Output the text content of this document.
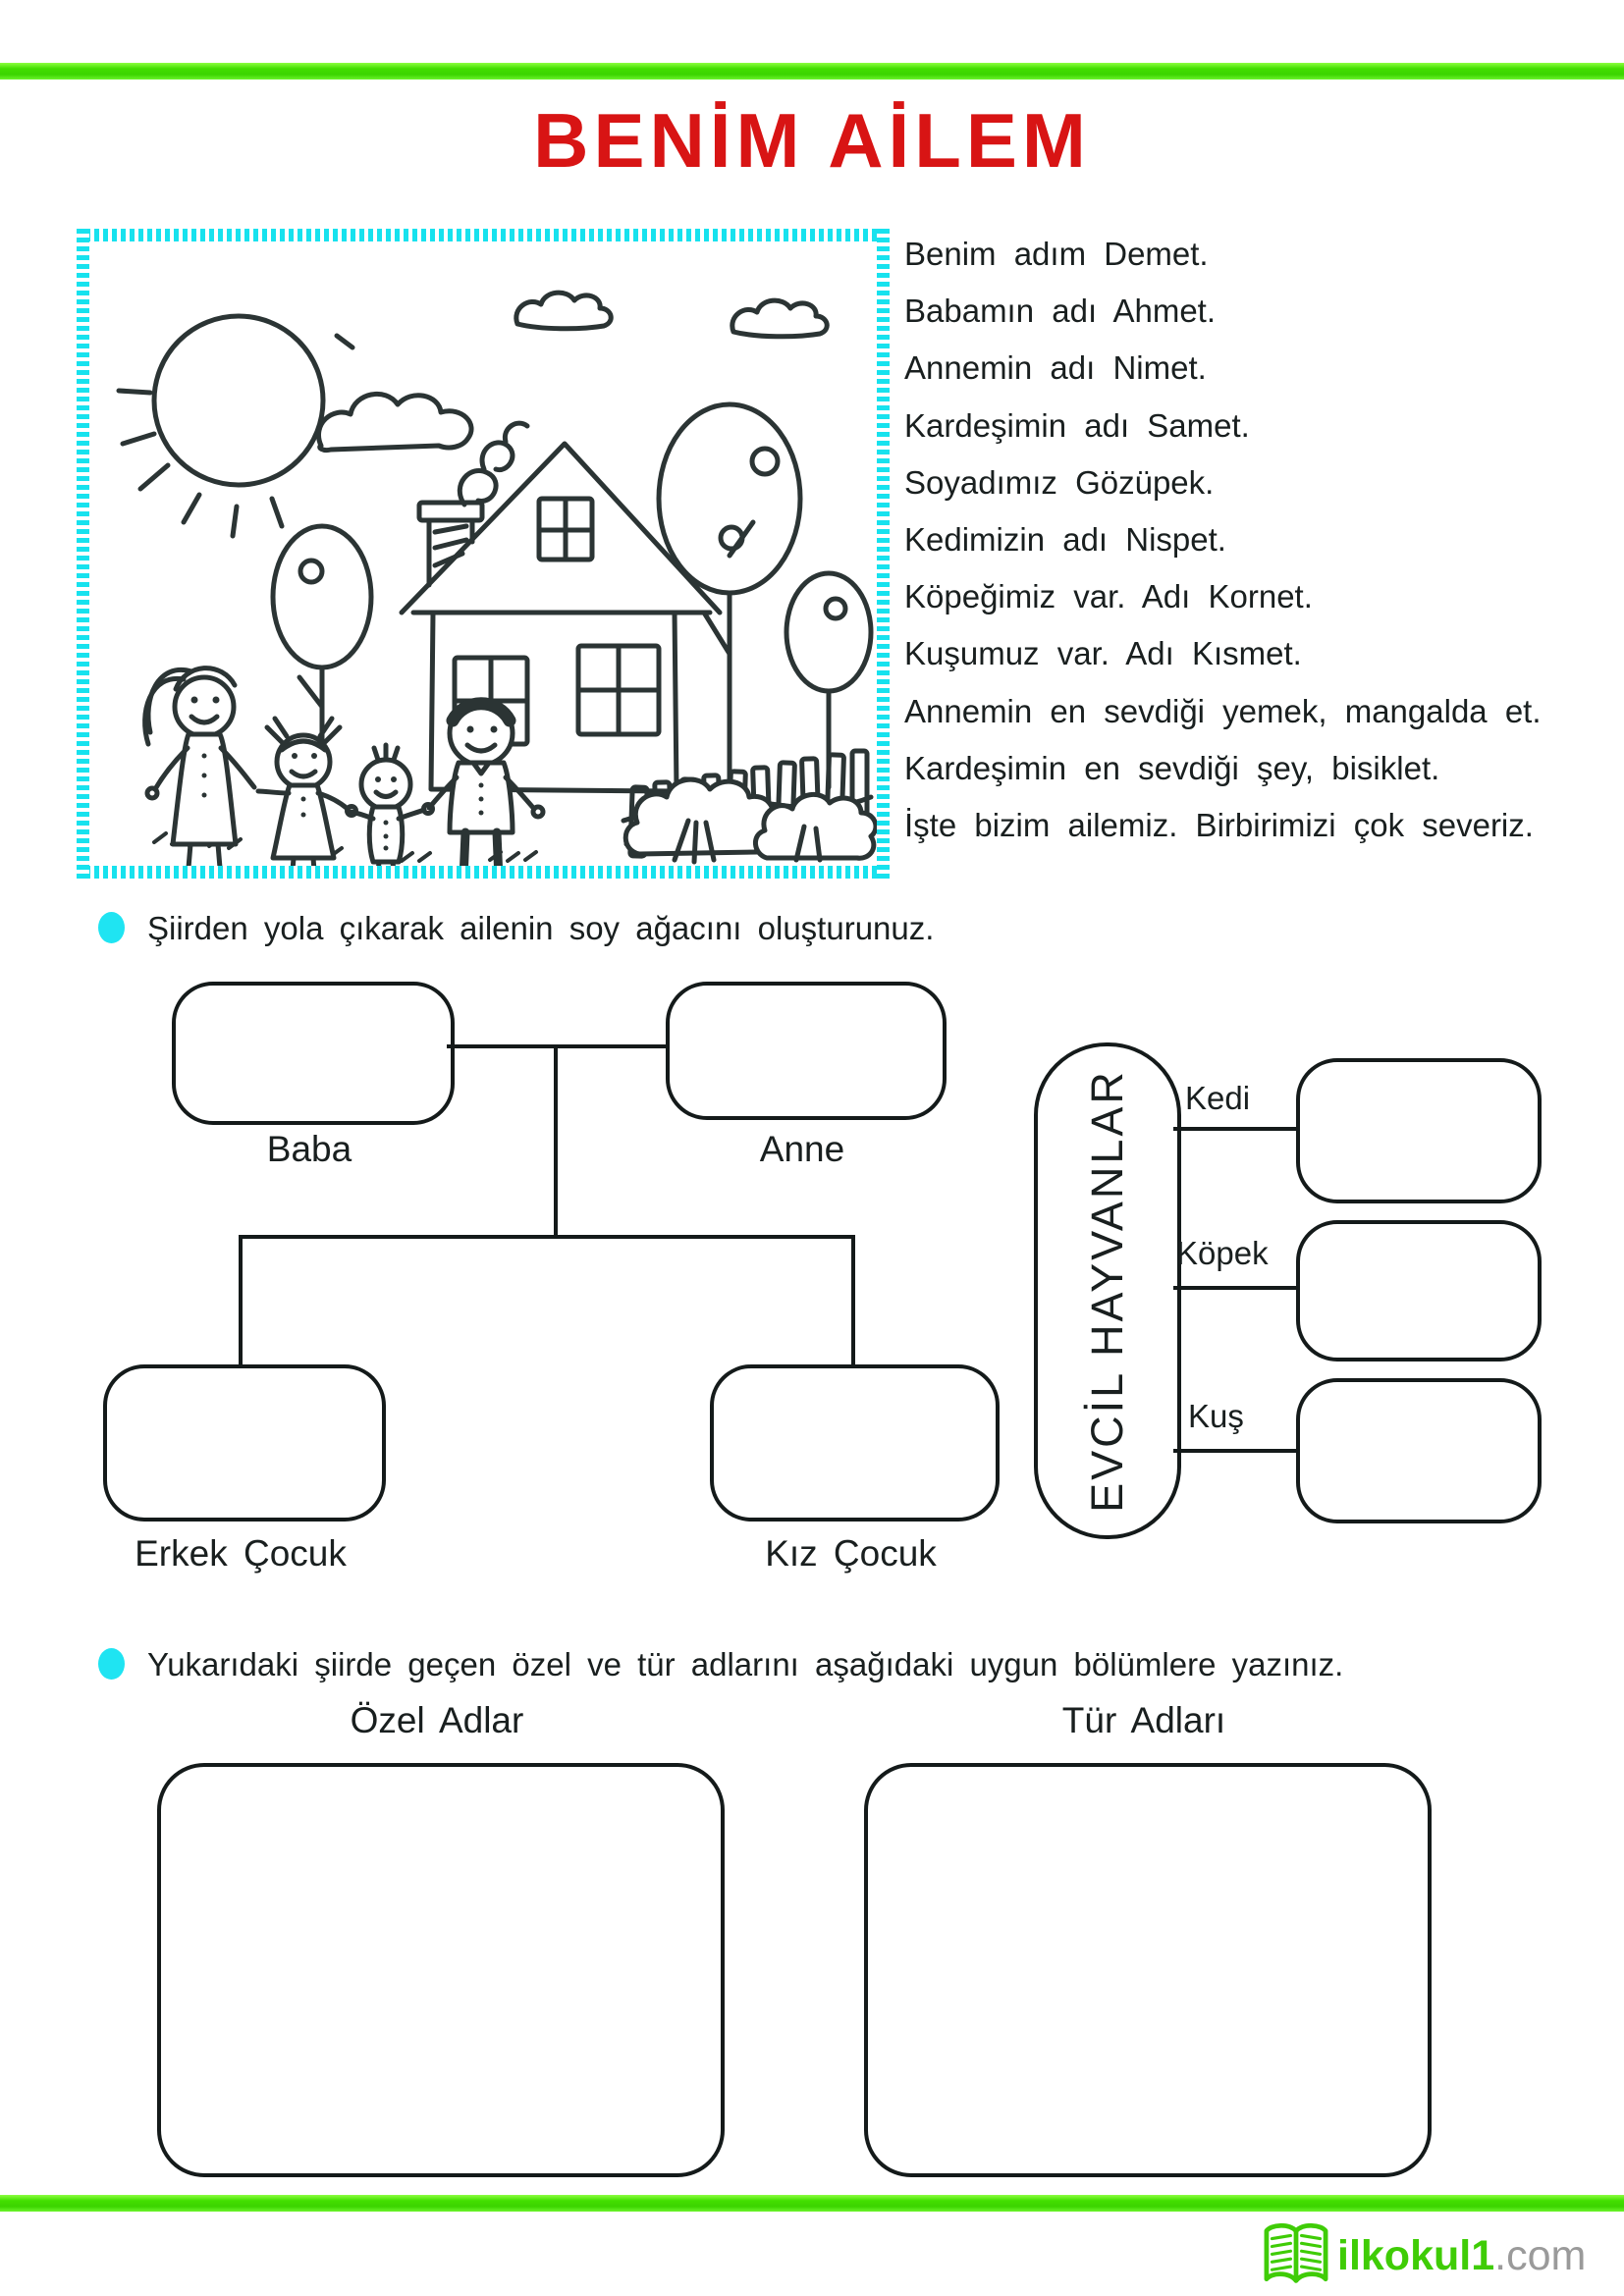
BENİM AİLEM
Benim adım Demet.
Babamın adı Ahmet.
Annemin adı Nimet.
Kardeşimin adı Samet.
Soyadımız Gözüpek.
Kedimizin adı Nispet.
Köpeğimiz var. Adı Kornet.
Kuşumuz var. Adı Kısmet.
Annemin en sevdiği yemek, mangalda et.
Kardeşimin en sevdiği şey, bisiklet.
İşte bizim ailemiz. Birbirimizi çok severiz.
Şiirden yola çıkarak ailenin soy ağacını oluşturunuz.
Baba	Anne
Erkek Çocuk	Kız Çocuk
EVCİL HAYVANLAR Kedi
Köpek
Kuş
Yukarıdaki şiirde geçen özel ve tür adlarını aşağıdaki uygun bölümlere yazınız.
Özel Adlar	Tür Adları
ilkokul1.com
